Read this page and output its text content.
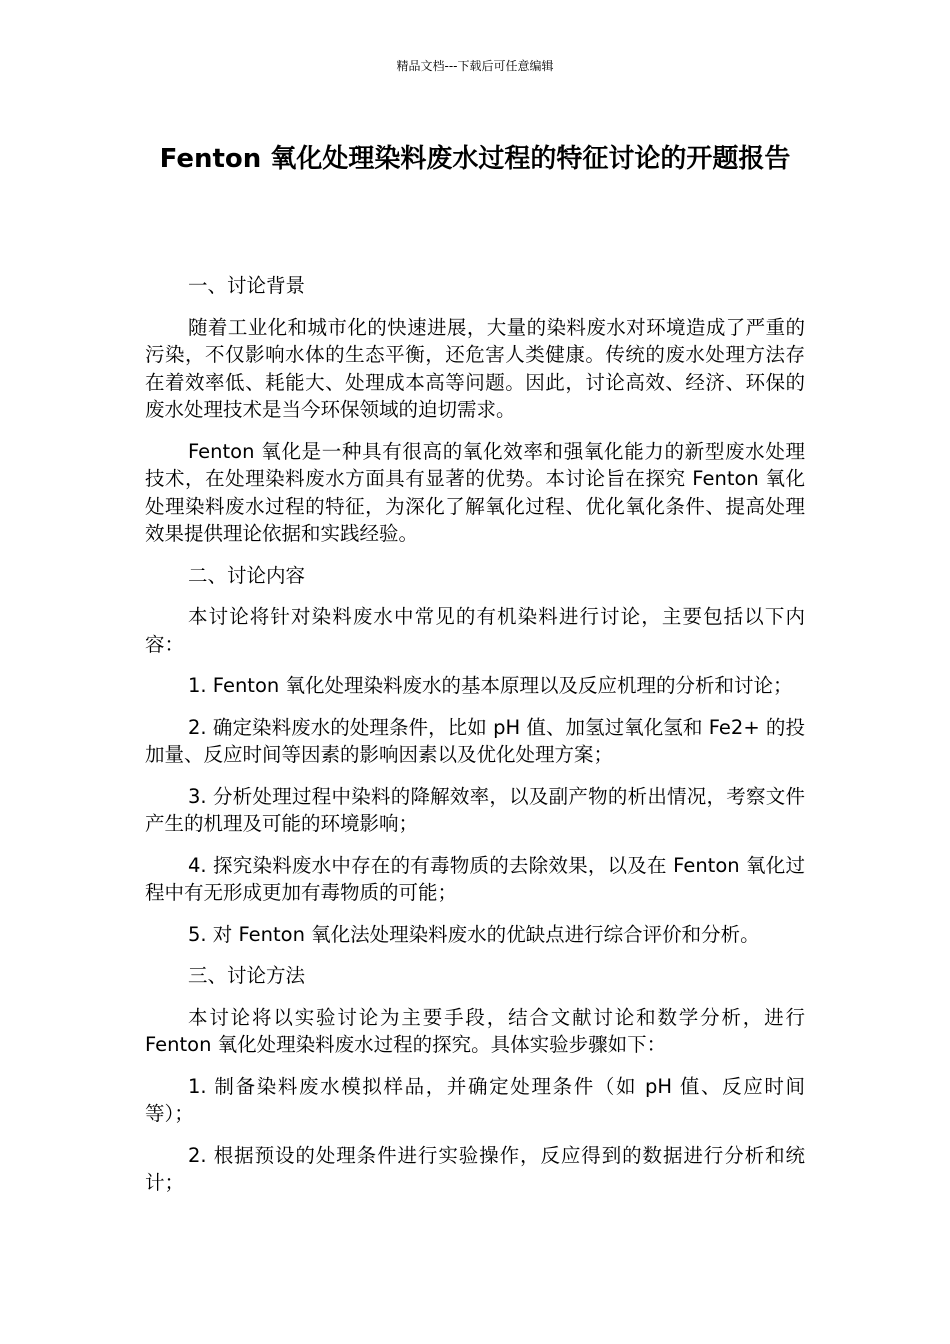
精品文档---下载后可任意编辑
Fenton 氧化处理染料废水过程的特征讨论的开题报告

一、讨论背景

随着工业化和城市化的快速进展，大量的染料废水对环境造成了严重的污染，不仅影响水体的生态平衡，还危害人类健康。传统的废水处理方法存在着效率低、耗能大、处理成本高等问题。因此，讨论高效、经济、环保的废水处理技术是当今环保领域的迫切需求。

Fenton 氧化是一种具有很高的氧化效率和强氧化能力的新型废水处理技术，在处理染料废水方面具有显著的优势。本讨论旨在探究 Fenton 氧化处理染料废水过程的特征，为深化了解氧化过程、优化氧化条件、提高处理效果提供理论依据和实践经验。

二、讨论内容

本讨论将针对染料废水中常见的有机染料进行讨论，主要包括以下内容：

1. Fenton 氧化处理染料废水的基本原理以及反应机理的分析和讨论；

2. 确定染料废水的处理条件，比如 pH 值、加氢过氧化氢和 Fe2+ 的投加量、反应时间等因素的影响因素以及优化处理方案；

3. 分析处理过程中染料的降解效率，以及副产物的析出情况，考察文件产生的机理及可能的环境影响；

4. 探究染料废水中存在的有毒物质的去除效果，以及在 Fenton 氧化过程中有无形成更加有毒物质的可能；

5. 对 Fenton 氧化法处理染料废水的优缺点进行综合评价和分析。

三、讨论方法

本讨论将以实验讨论为主要手段，结合文献讨论和数学分析，进行 Fenton 氧化处理染料废水过程的探究。具体实验步骤如下：

1. 制备染料废水模拟样品，并确定处理条件（如 pH 值、反应时间等）；

2. 根据预设的处理条件进行实验操作，反应得到的数据进行分析和统计；
